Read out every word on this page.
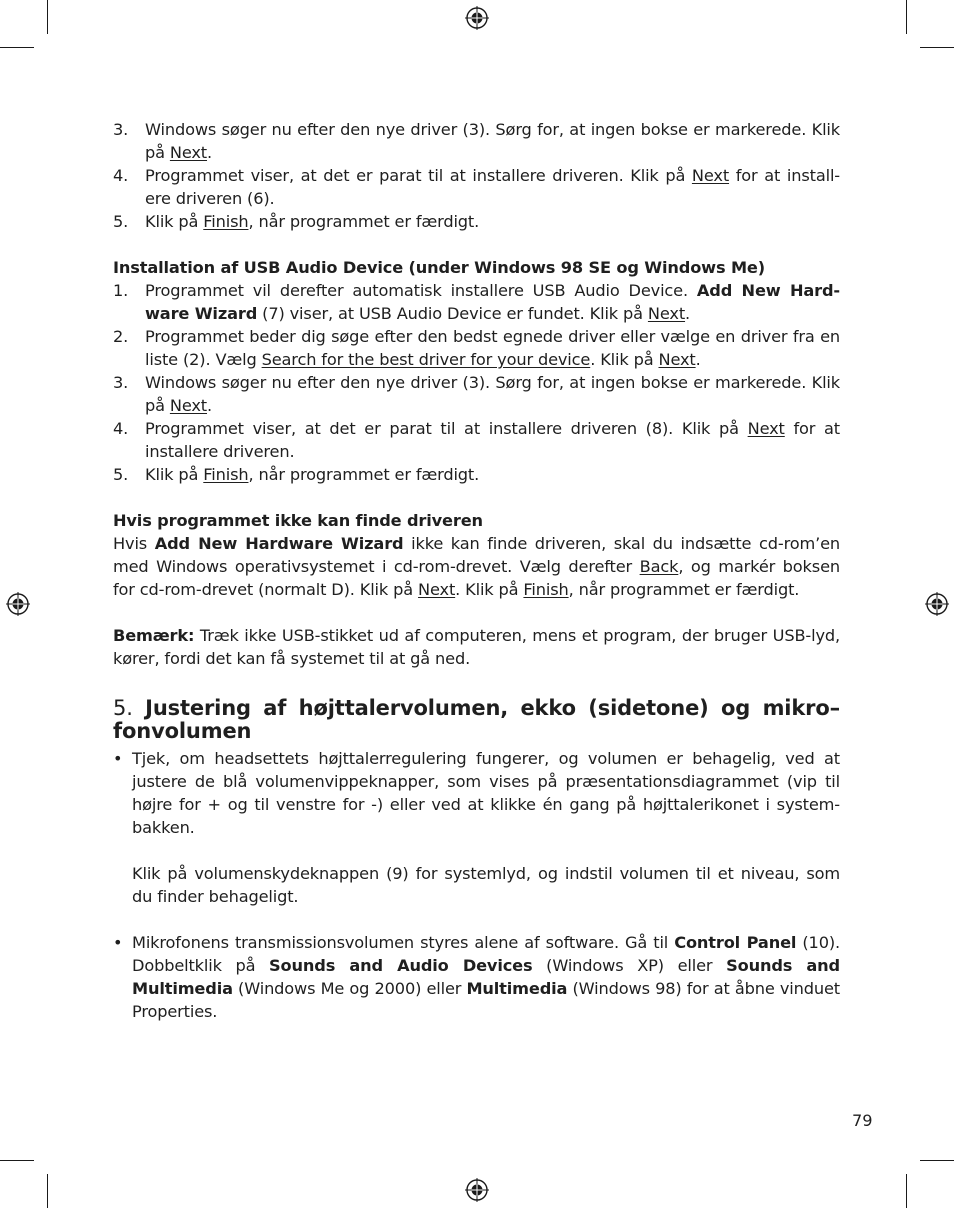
3. Windows søger nu efter den nye driver (3). Sørg for, at ingen bokse er markerede. Klik på Next.
4. Programmet viser, at det er parat til at installere driveren. Klik på Next for at install-ere driveren (6).
5. Klik på Finish, når programmet er færdigt.

Installation af USB Audio Device (under Windows 98 SE og Windows Me)

1. Programmet vil derefter automatisk installere USB Audio Device. Add New Hard-ware Wizard (7) viser, at USB Audio Device er fundet. Klik på Next.
2. Programmet beder dig søge efter den bedst egnede driver eller vælge en driver fra en liste (2). Vælg Search for the best driver for your device. Klik på Next.
3. Windows søger nu efter den nye driver (3). Sørg for, at ingen bokse er markerede. Klik på Next.
4. Programmet viser, at det er parat til at installere driveren (8). Klik på Next for at installere driveren.
5. Klik på Finish, når programmet er færdigt.

Hvis programmet ikke kan finde driveren

Hvis Add New Hardware Wizard ikke kan finde driveren, skal du indsætte cd-rom’en med Windows operativsystemet i cd-rom-drevet. Vælg derefter Back, og markér boksen for cd-rom-drevet (normalt D). Klik på Next. Klik på Finish, når programmet er færdigt.

Bemærk: Træk ikke USB-stikket ud af computeren, mens et program, der bruger USB-lyd, kører, fordi det kan få systemet til at gå ned.

5. Justering af højttalervolumen, ekko (sidetone) og mikro–fonvolumen
• Tjek, om headsettets højttalerregulering fungerer, og volumen er behagelig, ved at justere de blå volumenvippeknapper, som vises på præsentationsdiagrammet (vip til højre for + og til venstre for -) eller ved at klikke én gang på højttalerikonet i system-bakken.

Klik på volumenskydeknappen (9) for systemlyd, og indstil volumen til et niveau, som du finder behageligt.

• Mikrofonens transmissionsvolumen styres alene af software. Gå til Control Panel (10). Dobbeltklik på Sounds and Audio Devices (Windows XP) eller Sounds and Multimedia (Windows Me og 2000) eller Multimedia (Windows 98) for at åbne vinduet Properties.

79
